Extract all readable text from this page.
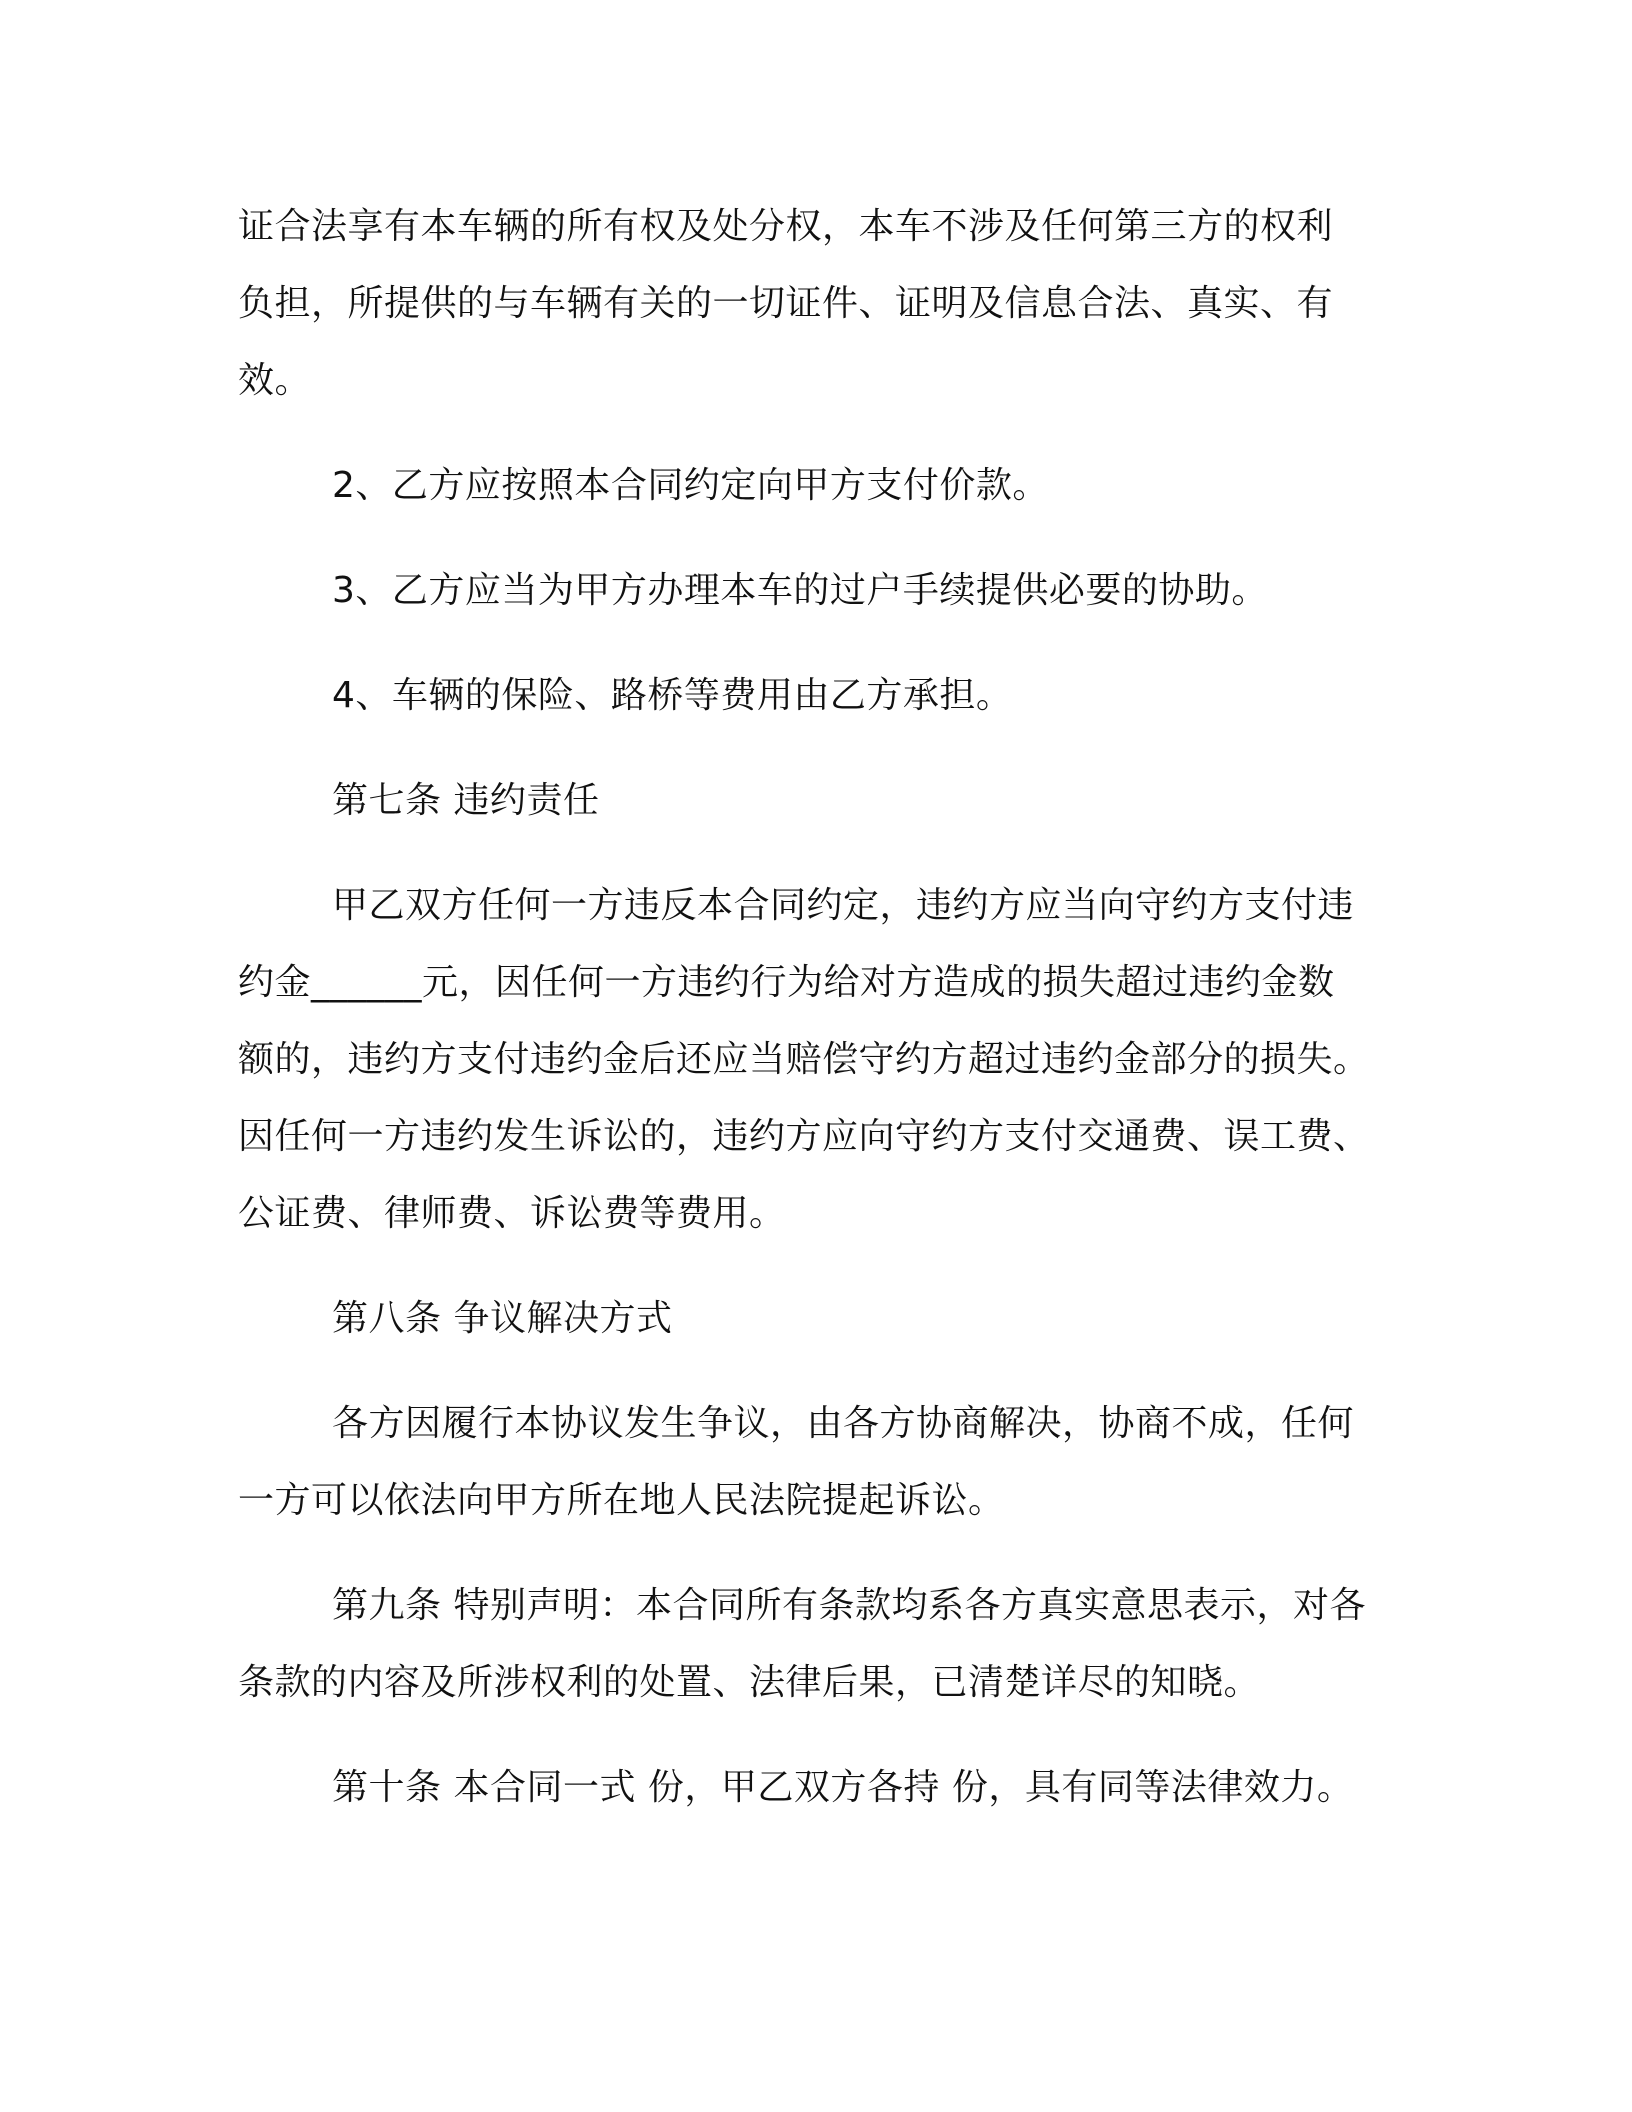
证合法享有本车辆的所有权及处分权，本车不涉及任何第三方的权利
负担，所提供的与车辆有关的一切证件、证明及信息合法、真实、有
效。
2、乙方应按照本合同约定向甲方支付价款。
3、乙方应当为甲方办理本车的过户手续提供必要的协助。
4、车辆的保险、路桥等费用由乙方承担。
第七条 违约责任
甲乙双方任何一方违反本合同约定，违约方应当向守约方支付违
约金______元，因任何一方违约行为给对方造成的损失超过违约金数
额的，违约方支付违约金后还应当赔偿守约方超过违约金部分的损失。
因任何一方违约发生诉讼的，违约方应向守约方支付交通费、误工费、
公证费、律师费、诉讼费等费用。
第八条 争议解决方式
各方因履行本协议发生争议，由各方协商解决，协商不成，任何
一方可以依法向甲方所在地人民法院提起诉讼。
第九条 特别声明：本合同所有条款均系各方真实意思表示，对各
条款的内容及所涉权利的处置、法律后果，已清楚详尽的知晓。
第十条 本合同一式 份，甲乙双方各持 份，具有同等法律效力。
